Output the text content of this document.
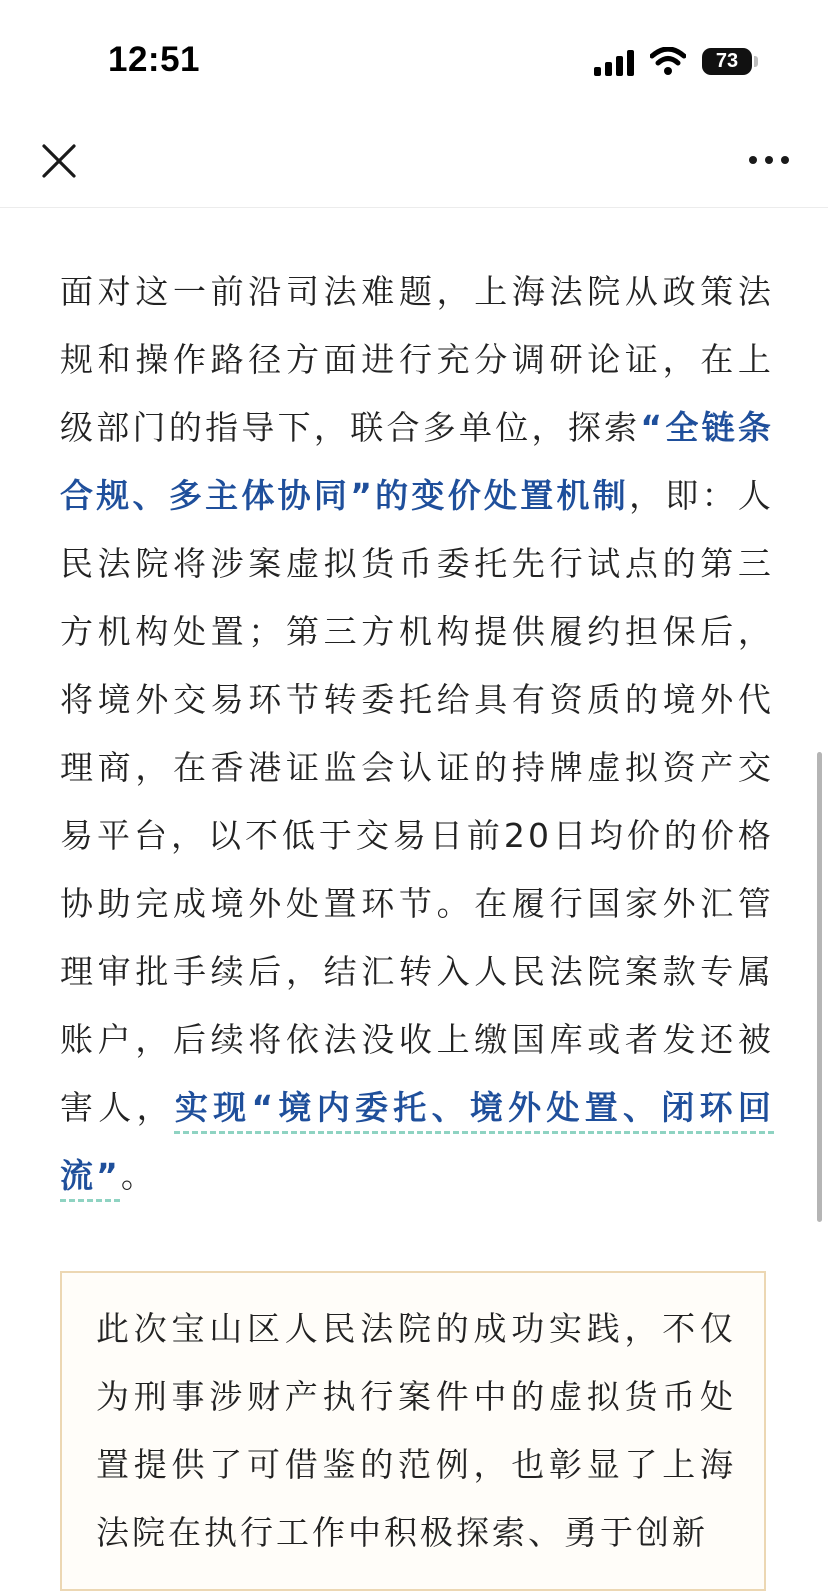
12:51	73
面对这一前沿司法难题，上海法院从政策法规和操作路径方面进行充分调研论证，在上级部门的指导下，联合多单位，探索“全链条合规、多主体协同”的变价处置机制，即：人民法院将涉案虚拟货币委托先行试点的第三方机构处置；第三方机构提供履约担保后，将境外交易环节转委托给具有资质的境外代理商，在香港证监会认证的持牌虚拟资产交易平台，以不低于交易日前20日均价的价格协助完成境外处置环节。在履行国家外汇管理审批手续后，结汇转入人民法院案款专属账户，后续将依法没收上缴国库或者发还被害人，实现“境内委托、境外处置、闭环回流”。
此次宝山区人民法院的成功实践，不仅为刑事涉财产执行案件中的虚拟货币处置提供了可借鉴的范例，也彰显了上海法院在执行工作中积极探索、勇于创新
